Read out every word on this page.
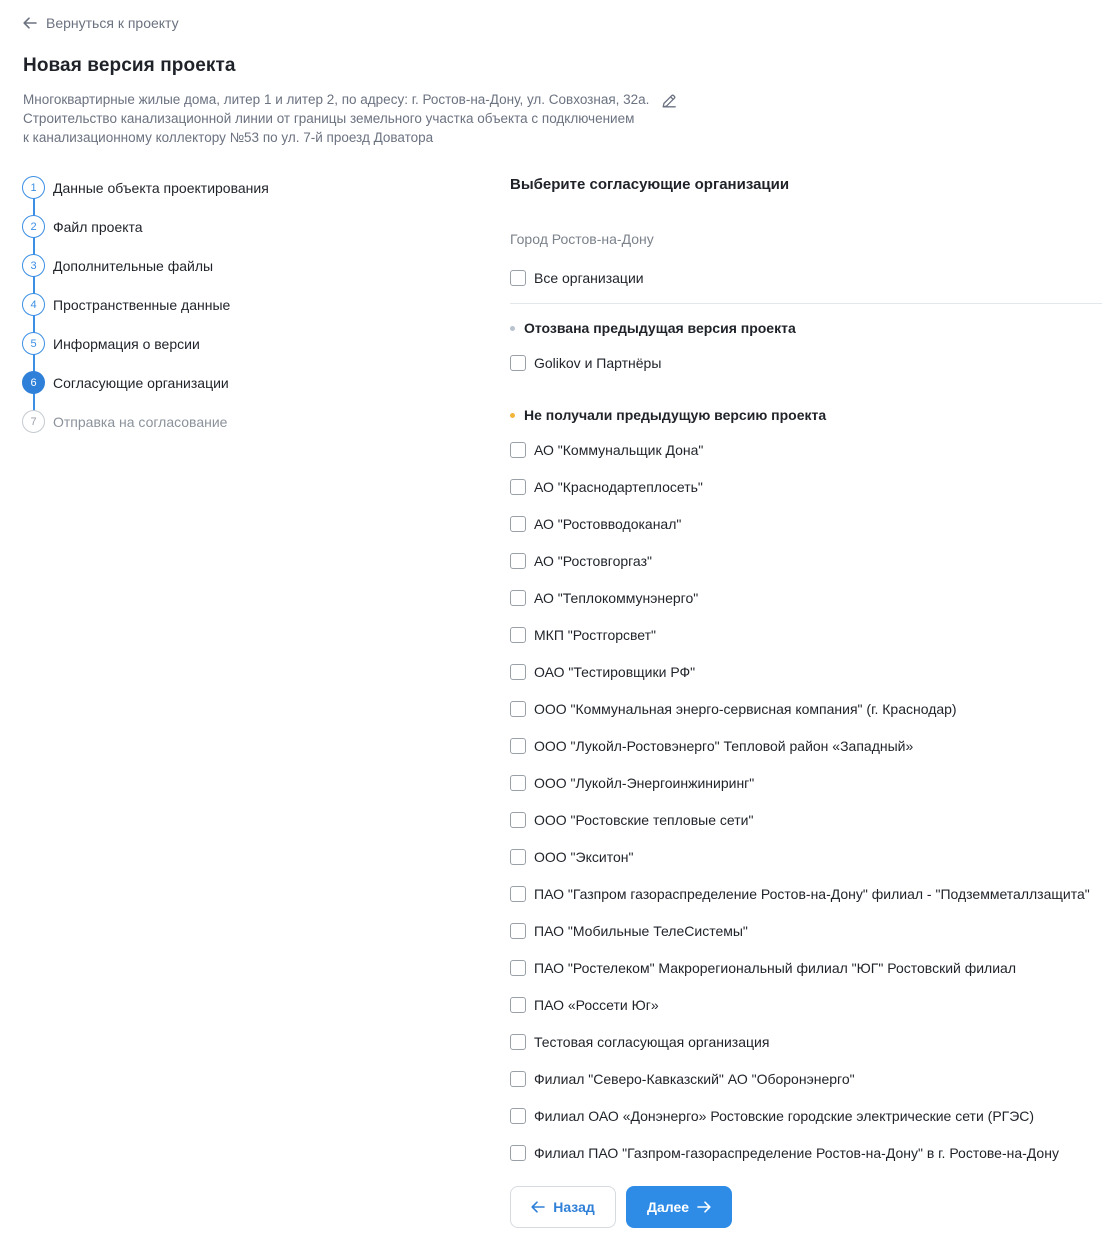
Вернуться к проекту
Новая версия проекта
Многоквартирные жилые дома, литер 1 и литер 2, по адресу: г. Ростов-на-Дону, ул. Совхозная, 32а.
Строительство канализационной линии от границы земельного участка объекта с подключением
к канализационному коллектору №53 по ул. 7-й проезд Доватора
1	Данные объекта проектирования
2	Файл проекта
3	Дополнительные файлы
4	Пространственные данные
5	Информация о версии
6	Согласующие организации
7	Отправка на согласование
Выберите согласующие организации
Город Ростов-на-Дону
Все организации
Отозвана предыдущая версия проекта
Golikov и Партнёры
Не получали предыдущую версию проекта
АО "Коммунальщик Дона"
АО "Краснодартеплосеть"
АО "Ростовводоканал"
АО "Ростовгоргаз"
АО "Теплокоммунэнерго"
МКП "Ростгорсвет"
ОАО "Тестировщики РФ"
ООО "Коммунальная энерго-сервисная компания" (г. Краснодар)
ООО "Лукойл-Ростовэнерго" Тепловой район «Западный»
ООО "Лукойл-Энергоинжиниринг"
ООО "Ростовские тепловые сети"
ООО "Экситон"
ПАО "Газпром газораспределение Ростов-на-Дону" филиал - "Подземметаллзащита"
ПАО "Мобильные ТелеСистемы"
ПАО "Ростелеком" Макрорегиональный филиал "ЮГ" Ростовский филиал
ПАО «Россети Юг»
Тестовая согласующая организация
Филиал "Северо-Кавказский" АО "Оборонэнерго"
Филиал ОАО «Донэнерго» Ростовские городские электрические сети (РГЭС)
Филиал ПАО "Газпром-газораспределение Ростов-на-Дону" в г. Ростове-на-Дону
Назад	Далее
